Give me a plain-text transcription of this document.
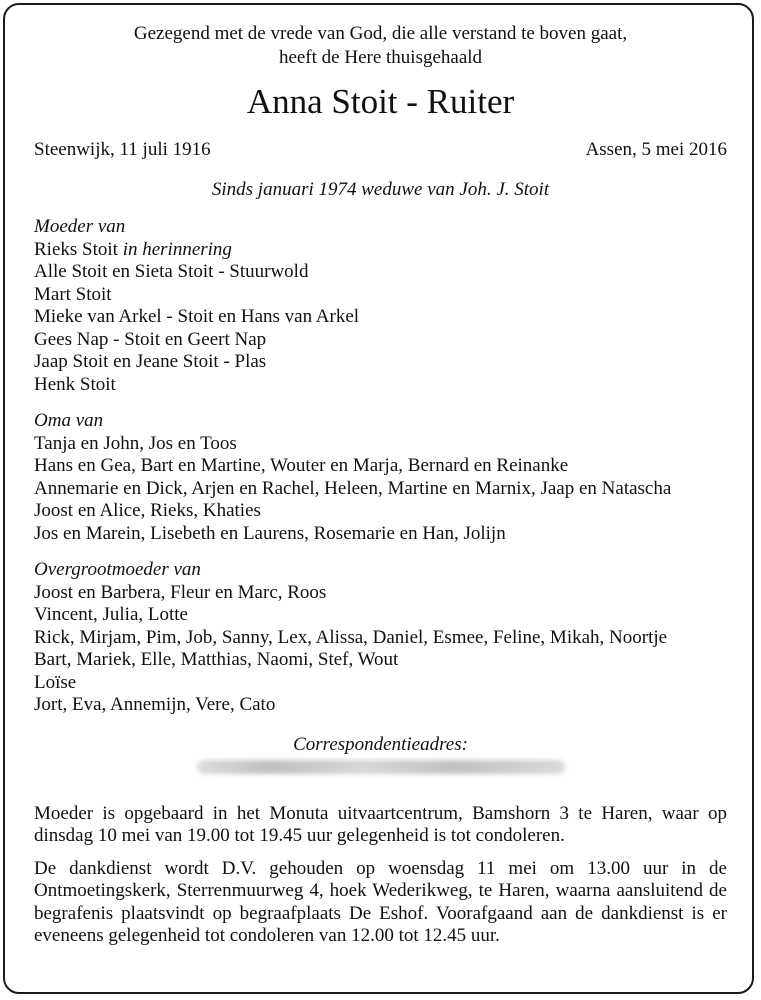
Gezegend met de vrede van God, die alle verstand te boven gaat,
heeft de Here thuisgehaald
Anna Stoit - Ruiter
Steenwijk, 11 juli 1916	Assen, 5 mei 2016
Sinds januari 1974 weduwe van Joh. J. Stoit
Moeder van
Rieks Stoit in herinnering
Alle Stoit en Sieta Stoit - Stuurwold
Mart Stoit
Mieke van Arkel - Stoit en Hans van Arkel
Gees Nap - Stoit en Geert Nap
Jaap Stoit en Jeane Stoit - Plas
Henk Stoit
Oma van
Tanja en John, Jos en Toos
Hans en Gea, Bart en Martine, Wouter en Marja, Bernard en Reinanke
Annemarie en Dick, Arjen en Rachel, Heleen, Martine en Marnix, Jaap en Natascha
Joost en Alice, Rieks, Khaties
Jos en Marein, Lisebeth en Laurens, Rosemarie en Han, Jolijn
Overgrootmoeder van
Joost en Barbera, Fleur en Marc, Roos
Vincent, Julia, Lotte
Rick, Mirjam, Pim, Job, Sanny, Lex, Alissa, Daniel, Esmee, Feline, Mikah, Noortje
Bart, Mariek, Elle, Matthias, Naomi, Stef, Wout
Loïse
Jort, Eva, Annemijn, Vere, Cato
Correspondentieadres:
Moeder is opgebaard in het Monuta uitvaartcentrum, Bamshorn 3 te Haren, waar op dinsdag 10 mei van 19.00 tot 19.45 uur gelegenheid is tot condoleren.
De dankdienst wordt D.V. gehouden op woensdag 11 mei om 13.00 uur in de Ontmoetingskerk, Sterrenmuurweg 4, hoek Wederikweg, te Haren, waarna aansluitend de begrafenis plaatsvindt op begraafplaats De Eshof. Voorafgaand aan de dankdienst is er eveneens gelegenheid tot condoleren van 12.00 tot 12.45 uur.
